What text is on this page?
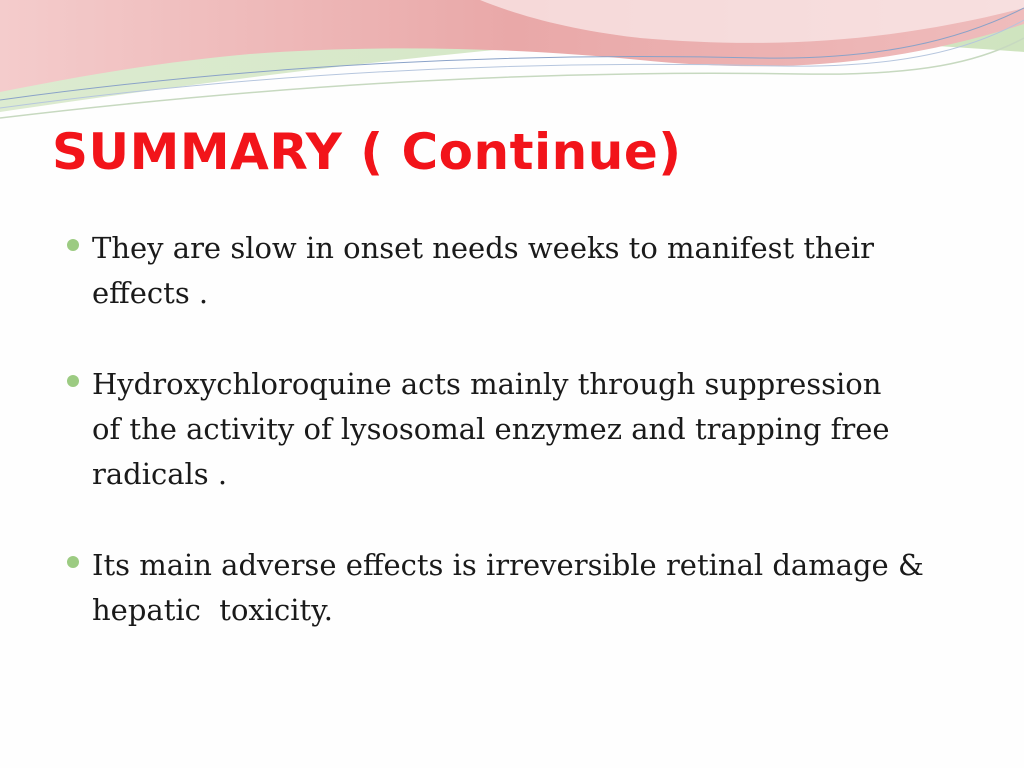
SUMMARY ( Continue)
They are slow in onset needs weeks to manifest their
effects .
Hydroxychloroquine acts mainly through suppression
of the activity of lysosomal enzymez and trapping free
radicals .
Its main adverse effects is irreversible retinal damage &
hepatic  toxicity.
